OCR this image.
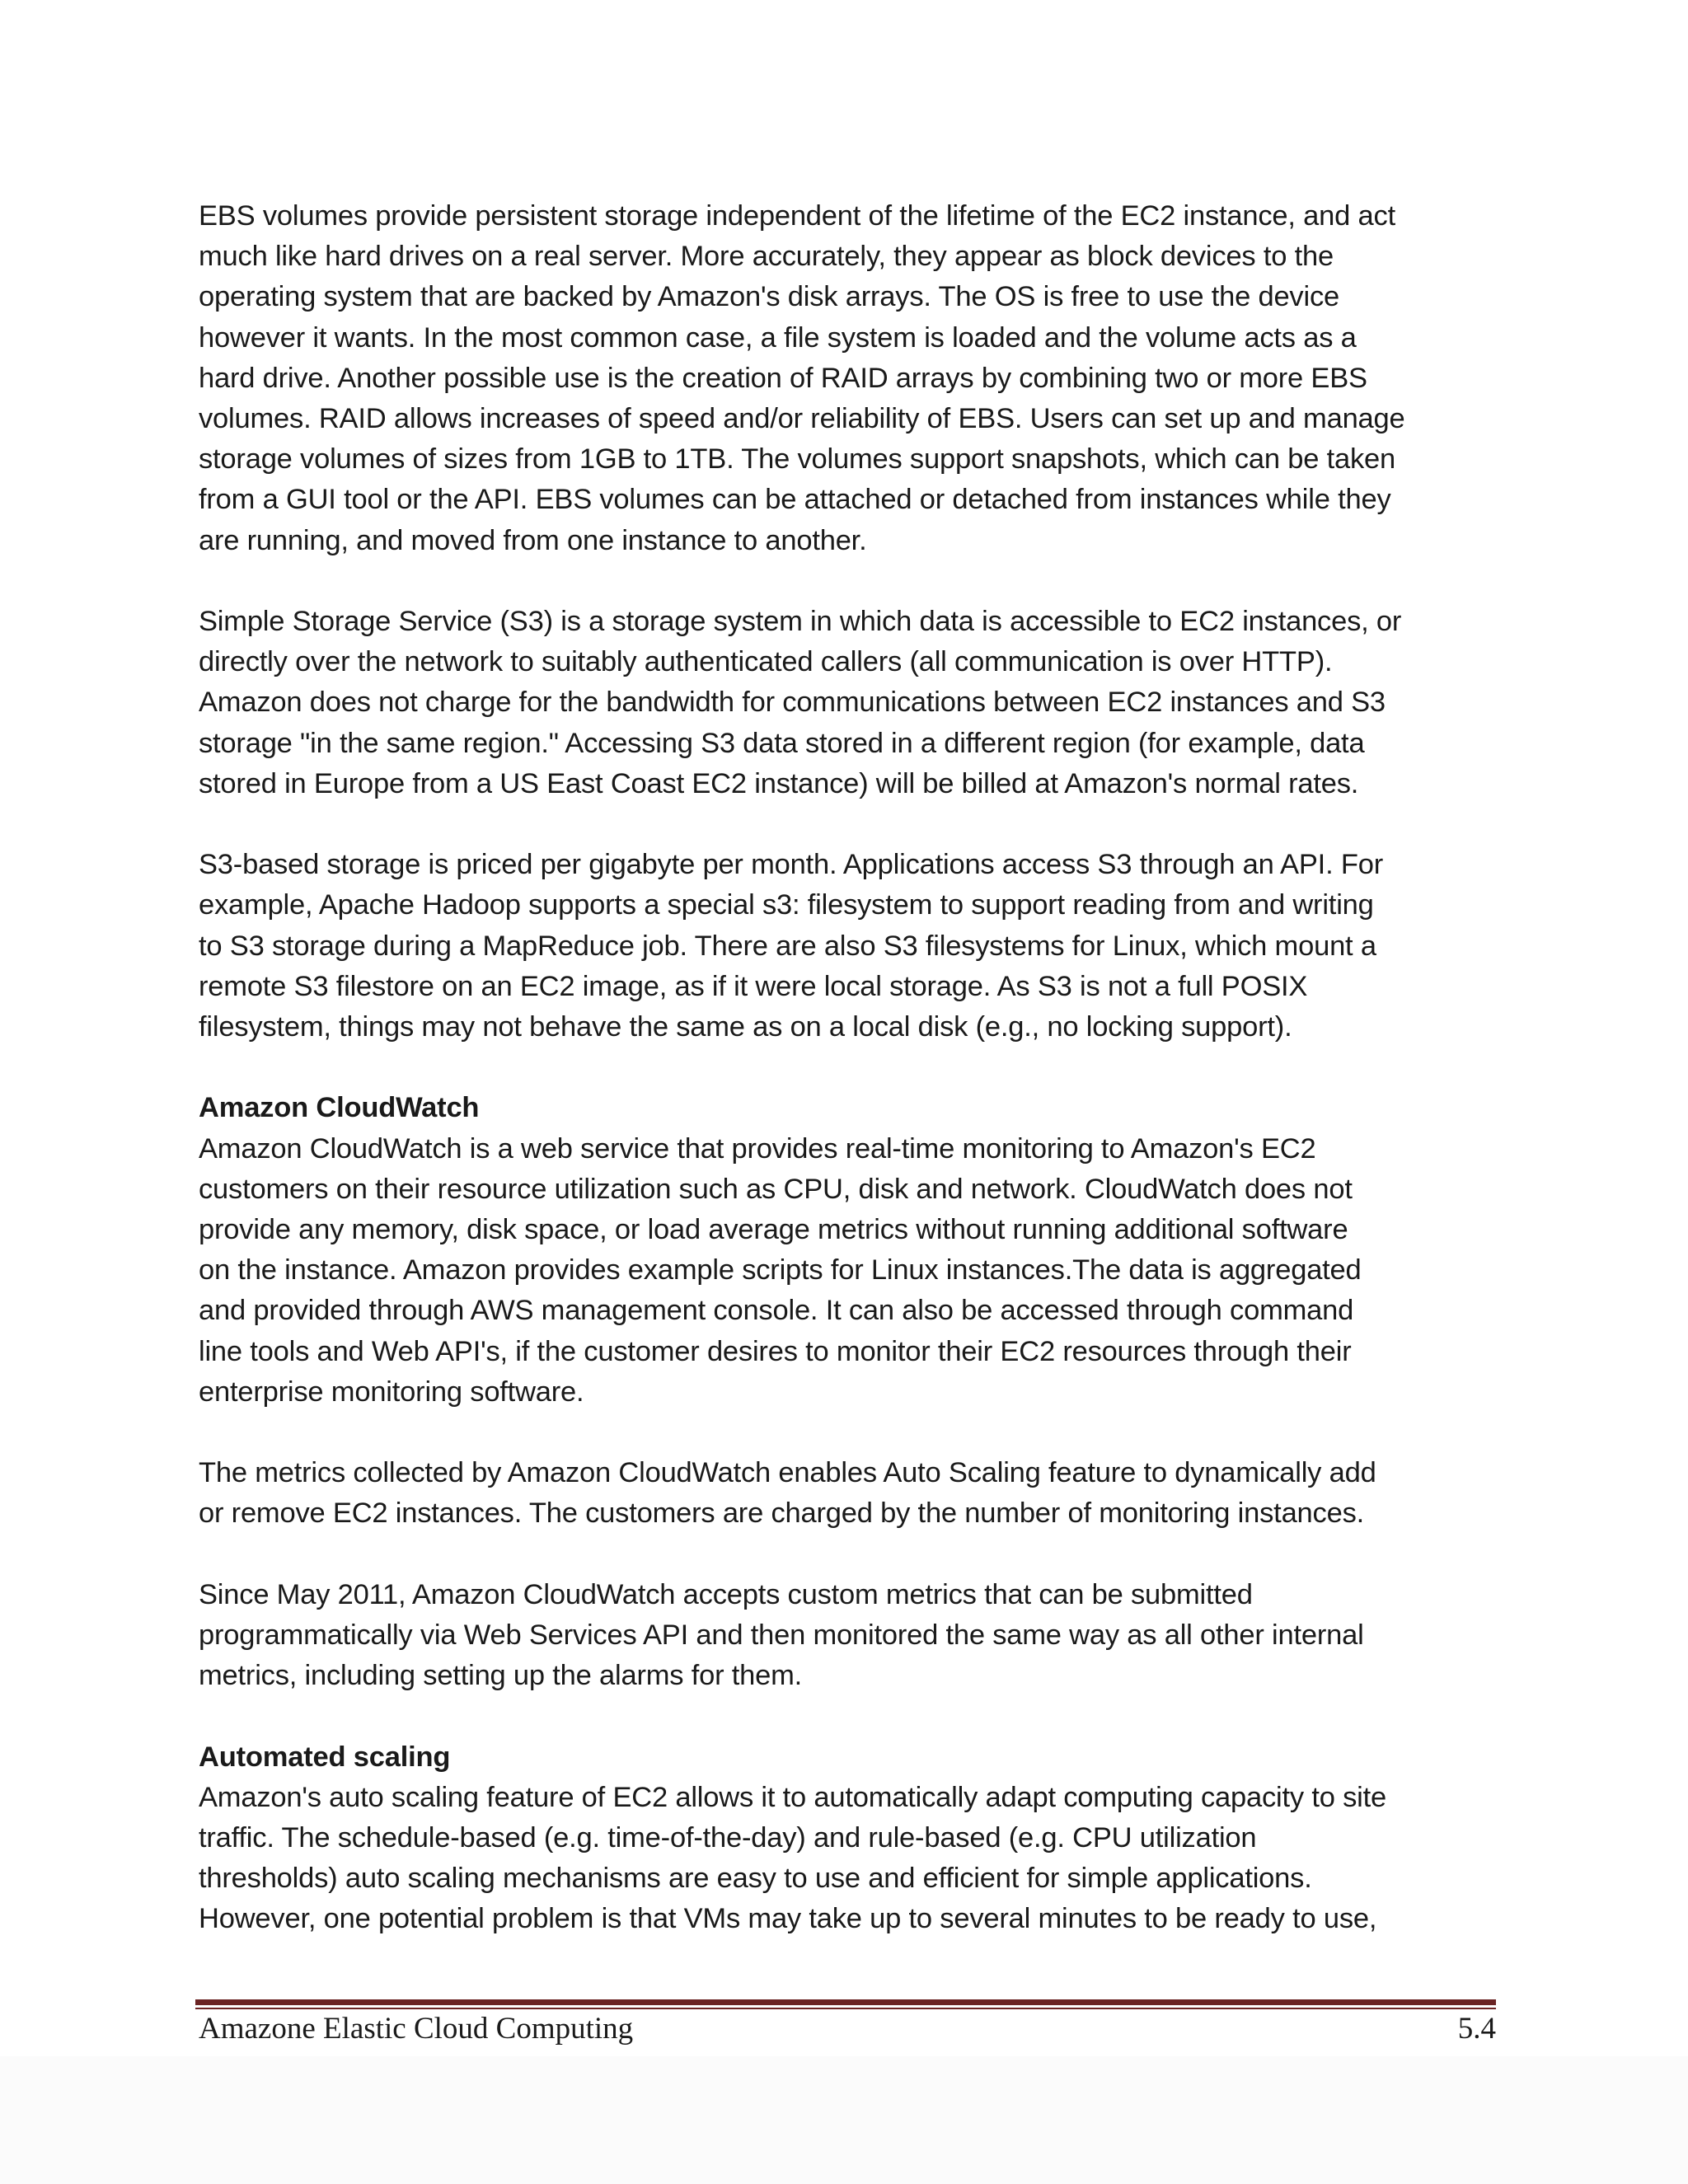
EBS volumes provide persistent storage independent of the lifetime of the EC2 instance, and act
much like hard drives on a real server. More accurately, they appear as block devices to the
operating system that are backed by Amazon's disk arrays. The OS is free to use the device
however it wants. In the most common case, a file system is loaded and the volume acts as a
hard drive. Another possible use is the creation of RAID arrays by combining two or more EBS
volumes. RAID allows increases of speed and/or reliability of EBS. Users can set up and manage
storage volumes of sizes from 1GB to 1TB. The volumes support snapshots, which can be taken
from a GUI tool or the API. EBS volumes can be attached or detached from instances while they
are running, and moved from one instance to another.
Simple Storage Service (S3) is a storage system in which data is accessible to EC2 instances, or
directly over the network to suitably authenticated callers (all communication is over HTTP).
Amazon does not charge for the bandwidth for communications between EC2 instances and S3
storage "in the same region." Accessing S3 data stored in a different region (for example, data
stored in Europe from a US East Coast EC2 instance) will be billed at Amazon's normal rates.
S3-based storage is priced per gigabyte per month. Applications access S3 through an API. For
example, Apache Hadoop supports a special s3: filesystem to support reading from and writing
to S3 storage during a MapReduce job. There are also S3 filesystems for Linux, which mount a
remote S3 filestore on an EC2 image, as if it were local storage. As S3 is not a full POSIX
filesystem, things may not behave the same as on a local disk (e.g., no locking support).
Amazon CloudWatch
Amazon CloudWatch is a web service that provides real-time monitoring to Amazon's EC2
customers on their resource utilization such as CPU, disk and network. CloudWatch does not
provide any memory, disk space, or load average metrics without running additional software
on the instance. Amazon provides example scripts for Linux instances.The data is aggregated
and provided through AWS management console. It can also be accessed through command
line tools and Web API's, if the customer desires to monitor their EC2 resources through their
enterprise monitoring software.
The metrics collected by Amazon CloudWatch enables Auto Scaling feature to dynamically add
or remove EC2 instances. The customers are charged by the number of monitoring instances.
Since May 2011, Amazon CloudWatch accepts custom metrics that can be submitted
programmatically via Web Services API and then monitored the same way as all other internal
metrics, including setting up the alarms for them.
Automated scaling
Amazon's auto scaling feature of EC2 allows it to automatically adapt computing capacity to site
traffic. The schedule-based (e.g. time-of-the-day) and rule-based (e.g. CPU utilization
thresholds) auto scaling mechanisms are easy to use and efficient for simple applications.
However, one potential problem is that VMs may take up to several minutes to be ready to use,
Amazone Elastic Cloud Computing	5.4
